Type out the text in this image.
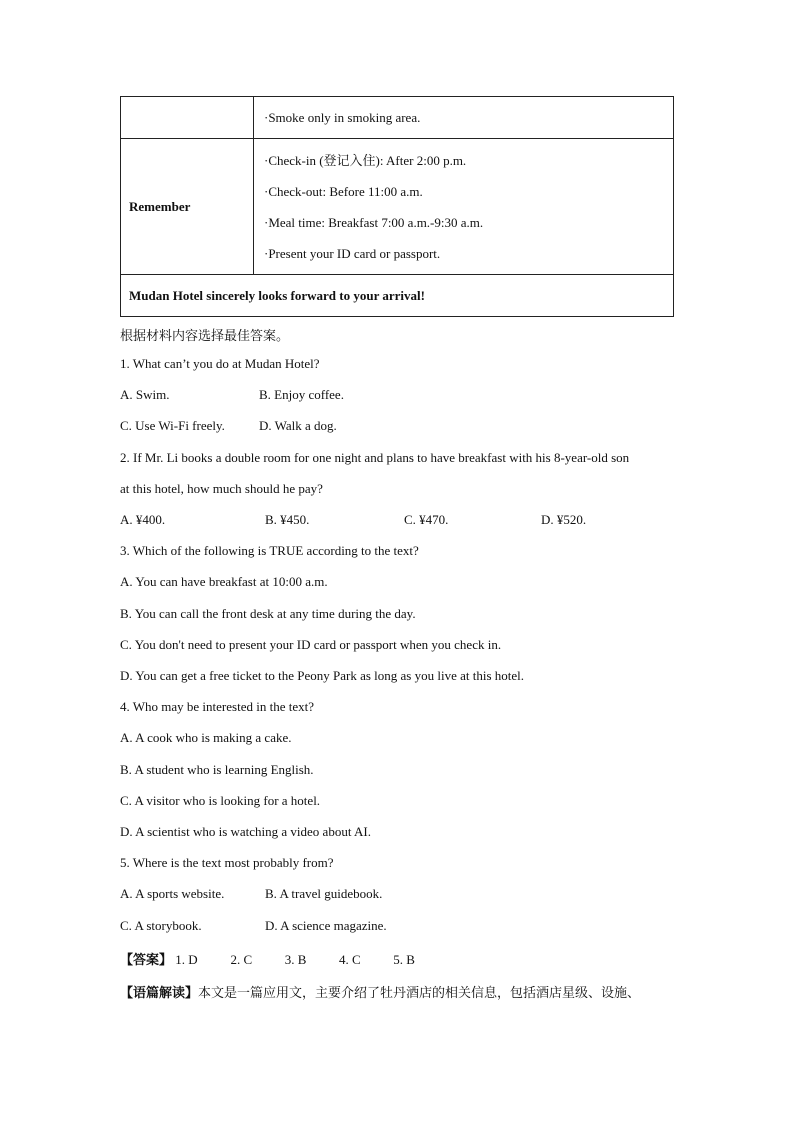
	·Smoke only in smoking area.

Remember	·Check-in (登记入住): After 2:00 p.m.
·Check-out: Before 11:00 a.m.
·Meal time: Breakfast 7:00 a.m.-9:30 a.m.
·Present your ID card or passport.

Mudan Hotel sincerely looks forward to your arrival!	
根据材料内容选择最佳答案。
1. What can’t you do at Mudan Hotel?
A. Swim.	B. Enjoy coffee.
C. Use Wi-Fi freely.	D. Walk a dog.
2. If Mr. Li books a double room for one night and plans to have breakfast with his 8-year-old son
at this hotel, how much should he pay?
A. ¥400.	B. ¥450.	C. ¥470.	D. ¥520.
3. Which of the following is TRUE according to the text?
A. You can have breakfast at 10:00 a.m.
B. You can call the front desk at any time during the day.
C. You don't need to present your ID card or passport when you check in.
D. You can get a free ticket to the Peony Park as long as you live at this hotel.
4. Who may be interested in the text?
A. A cook who is making a cake.
B. A student who is learning English.
C. A visitor who is looking for a hotel.
D. A scientist who is watching a video about AI.
5. Where is the text most probably from?
A. A sports website.	B. A travel guidebook.
C. A storybook.	D. A science magazine.
【答案】 1. D	2. C	3. B	4. C	5. B
【语篇解读】本文是一篇应用文，主要介绍了牡丹酒店的相关信息，包括酒店星级、设施、
